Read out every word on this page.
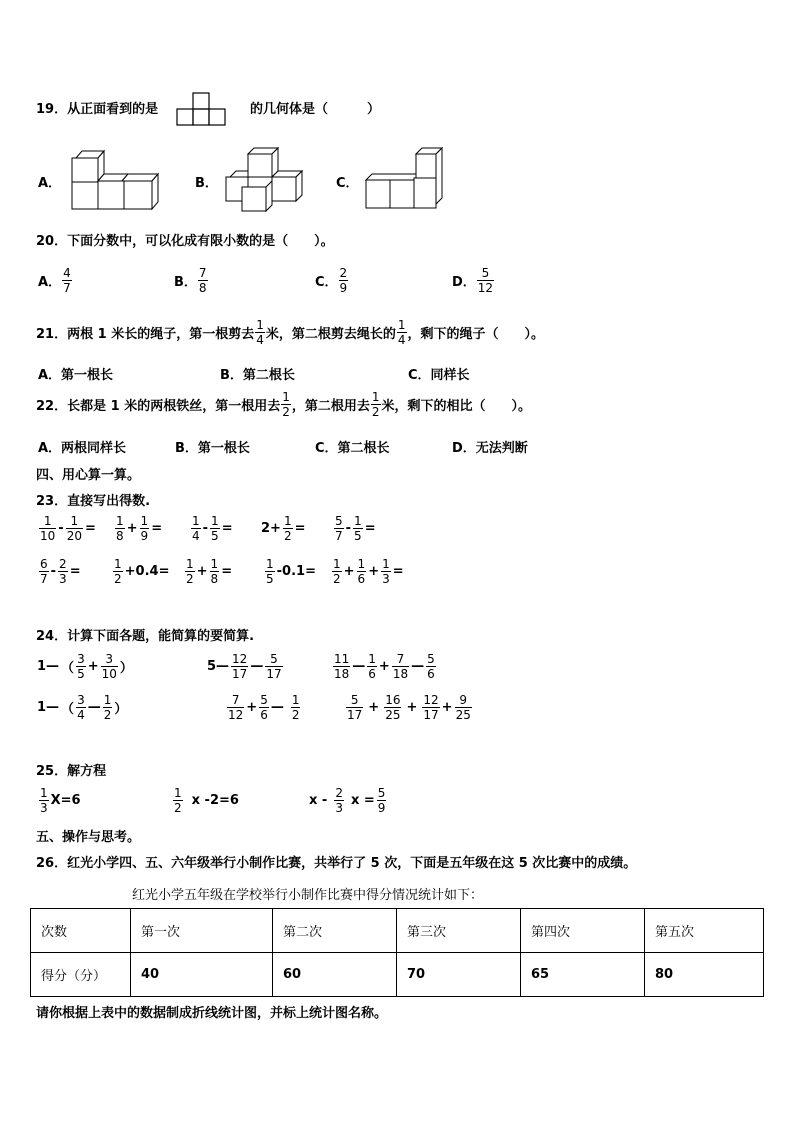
19．从正面看到的是	的几何体是（　　　）
A．	B．	C．
20．下面分数中，可以化成有限小数的是（　　）。
A． $\frac{4}{7}$	B． $\frac{7}{8}$	C． $\frac{2}{9}$	D． $\frac{5}{12}$
21．两根 1 米长的绳子，第一根剪去 $\frac{1}{4}$ 米，第二根剪去绳长的 $\frac{1}{4}$ ，剩下的绳子（　　）。
A．第一根长	B．第二根长	C．同样长
22．长都是 1 米的两根铁丝，第一根用去 $\frac{1}{2}$ ，第二根用去 $\frac{1}{2}$ 米，剩下的相比（　　）。
A．两根同样长	B．第一根长	C．第二根长	D．无法判断
四、用心算一算。
23．直接写出得数.
$\frac{1}{10} - \frac{1}{20} = \frac{1}{8} + \frac{1}{9} = \frac{1}{4} - \frac{1}{5} = 2+ \frac{1}{2} = \frac{5}{7} - \frac{1}{5}$ =
$\frac{6}{7} - \frac{2}{3}$ =	$\frac{1}{2} +0.4= \frac{1}{2} + \frac{1}{8}$ =	$\frac{1}{5} -0.1= \frac{1}{2} + \frac{1}{6} + \frac{1}{3}$ =
24．计算下面各题，能简算的要简算.
1— （ $\frac{3}{5} + \frac{3}{10}$ ）	5— $\frac{12}{17}$ — $\frac{5}{17}$	$\frac{11}{18}$ — $\frac{1}{6} + \frac{7}{18}$ — $\frac{5}{6}$
1— （ $\frac{3}{4}$ — $\frac{1}{2}$ ）	$\frac{7}{12} + \frac{5}{6}$ — $\frac{1}{2}$	$\frac{5}{17} + \frac{16}{25} + \frac{12}{17} + \frac{9}{25}$
25．解方程
$\frac{1}{3} X=6$	$\frac{1}{2}$ x -2=6	x - $\frac{2}{3}$ $x = \frac{5}{9}$
五、操作与思考。
26．红光小学四、五、六年级举行小制作比赛，共举行了 5 次，下面是五年级在这 5 次比赛中的成绩。
红光小学五年级在学校举行小制作比赛中得分情况统计如下：
次数	第一次	第二次	第三次	第四次	第五次
得分（分）	40	60	70	65	80
请你根据上表中的数据制成折线统计图，并标上统计图名称。
